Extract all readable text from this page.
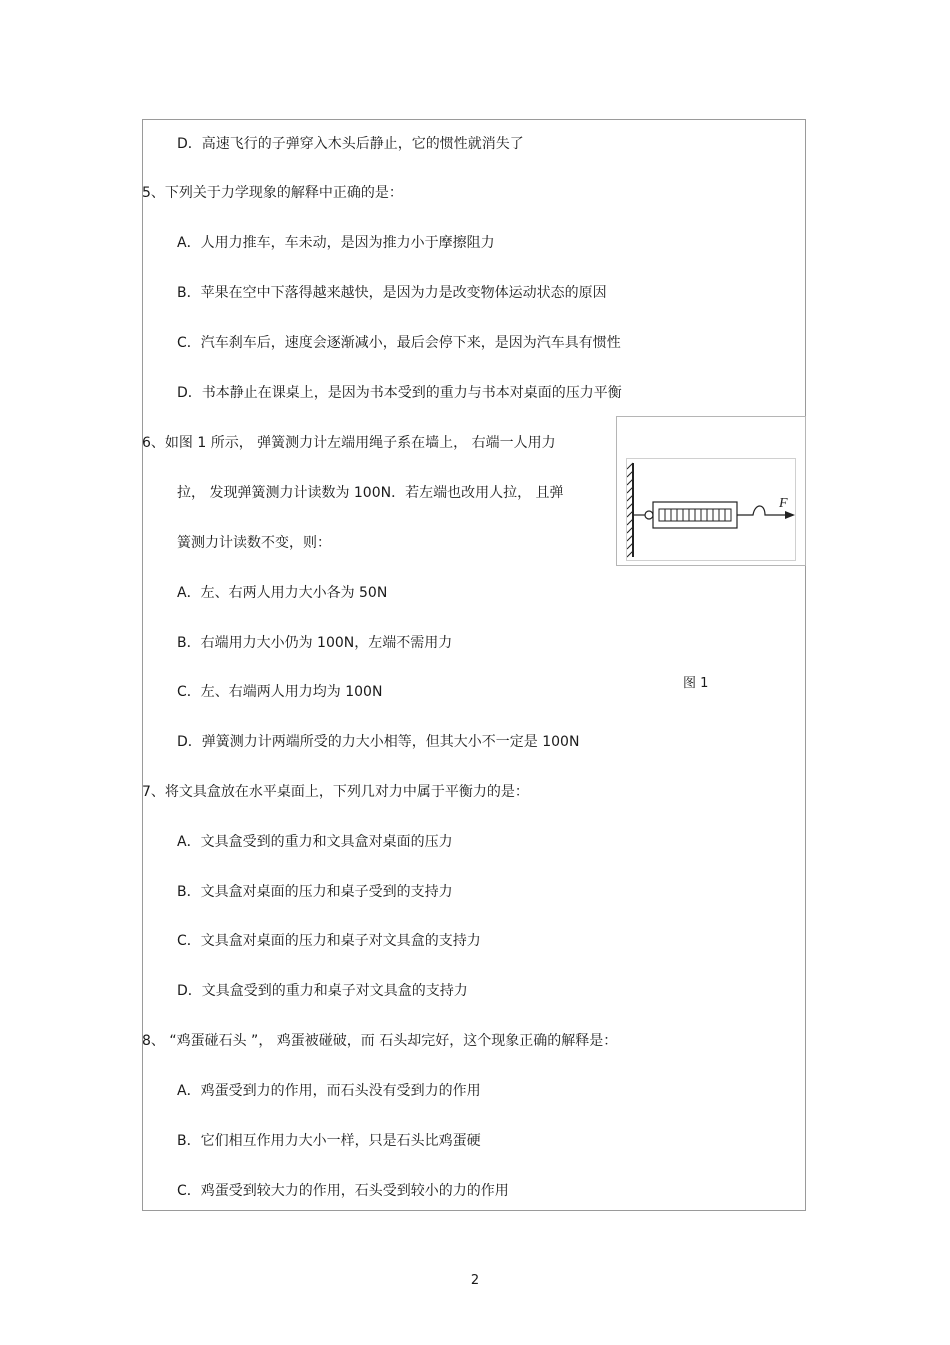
D．高速飞行的子弹穿入木头后静止，它的惯性就消失了
5、下列关于力学现象的解释中正确的是：
A．人用力推车，车未动，是因为推力小于摩擦阻力
B．苹果在空中下落得越来越快，是因为力是改变物体运动状态的原因
C．汽车刹车后，速度会逐渐减小，最后会停下来，是因为汽车具有惯性
D．书本静止在课桌上，是因为书本受到的重力与书本对桌面的压力平衡
F
6、如图 1 所示， 弹簧测力计左端用绳子系在墙上， 右端一人用力
拉， 发现弹簧测力计读数为 100N．若左端也改用人拉， 且弹
簧测力计读数不变，则：
A．左、右两人用力大小各为 50N
B．右端用力大小仍为 100N，左端不需用力
C．左、右端两人用力均为 100N
图 1
D．弹簧测力计两端所受的力大小相等，但其大小不一定是 100N
7、将文具盒放在水平桌面上，下列几对力中属于平衡力的是：
A．文具盒受到的重力和文具盒对桌面的压力
B．文具盒对桌面的压力和桌子受到的支持力
C．文具盒对桌面的压力和桌子对文具盒的支持力
D．文具盒受到的重力和桌子对文具盒的支持力
8、 “鸡蛋碰石头 ”， 鸡蛋被碰破，而 石头却完好，这个现象正确的解释是：
A．鸡蛋受到力的作用，而石头没有受到力的作用
B．它们相互作用力大小一样，只是石头比鸡蛋硬
C．鸡蛋受到较大力的作用，石头受到较小的力的作用
2
